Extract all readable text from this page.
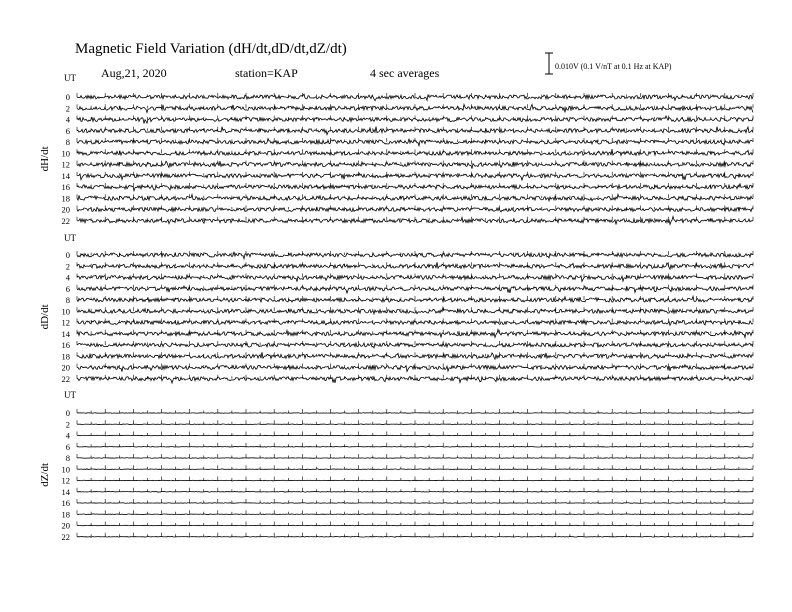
Magnetic Field Variation (dH/dt,dD/dt,dZ/dt)
Aug,21, 2020	station=KAP	4 sec averages	0.010V (0.1 V/nT at 0.1 Hz at KAP)
UT
dH/dt
0
2
4
6
8
10
12
14
16
18
20
22
UT
dD/dt
0
2
4
6
8
10
12
14
16
18
20
22
UT
dZ/dt
0
2
4
6
8
10
12
14
16
18
20
22
